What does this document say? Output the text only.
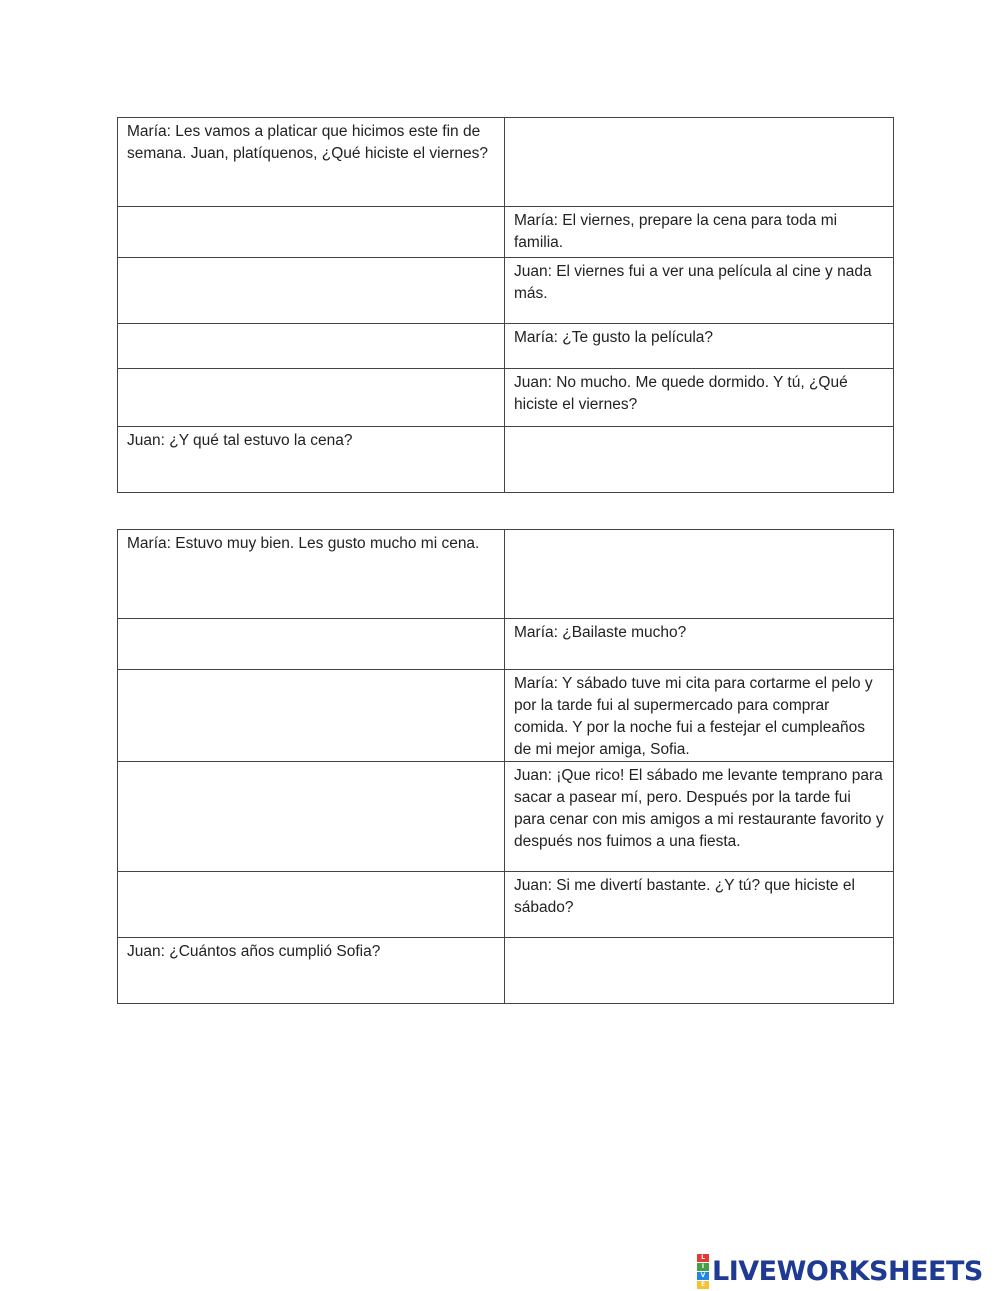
María: Les vamos a platicar que hicimos este fin de semana. Juan, platíquenos, ¿Qué hiciste el viernes?	
	María: El viernes, prepare la cena para toda mi familia.
	Juan: El viernes fui a ver una película al cine y nada más.
	María: ¿Te gusto la película?
	Juan: No mucho. Me quede dormido. Y tú, ¿Qué hiciste el viernes?
Juan: ¿Y qué tal estuvo la cena?	
María: Estuvo muy bien. Les gusto mucho mi cena.	
	María: ¿Bailaste mucho?
	María: Y sábado tuve mi cita para cortarme el pelo y por la tarde fui al supermercado para comprar comida. Y por la noche fui a festejar el cumpleaños de mi mejor amiga, Sofia.
	Juan: ¡Que rico! El sábado me levante temprano para sacar a pasear mí, pero. Después por la tarde fui para cenar con mis amigos a mi restaurante favorito y después nos fuimos a una fiesta.
	Juan: Si me divertí bastante. ¿Y tú? que hiciste el sábado?
Juan: ¿Cuántos años cumplió Sofia?	
L
I
V
E LIVEWORKSHEETS
